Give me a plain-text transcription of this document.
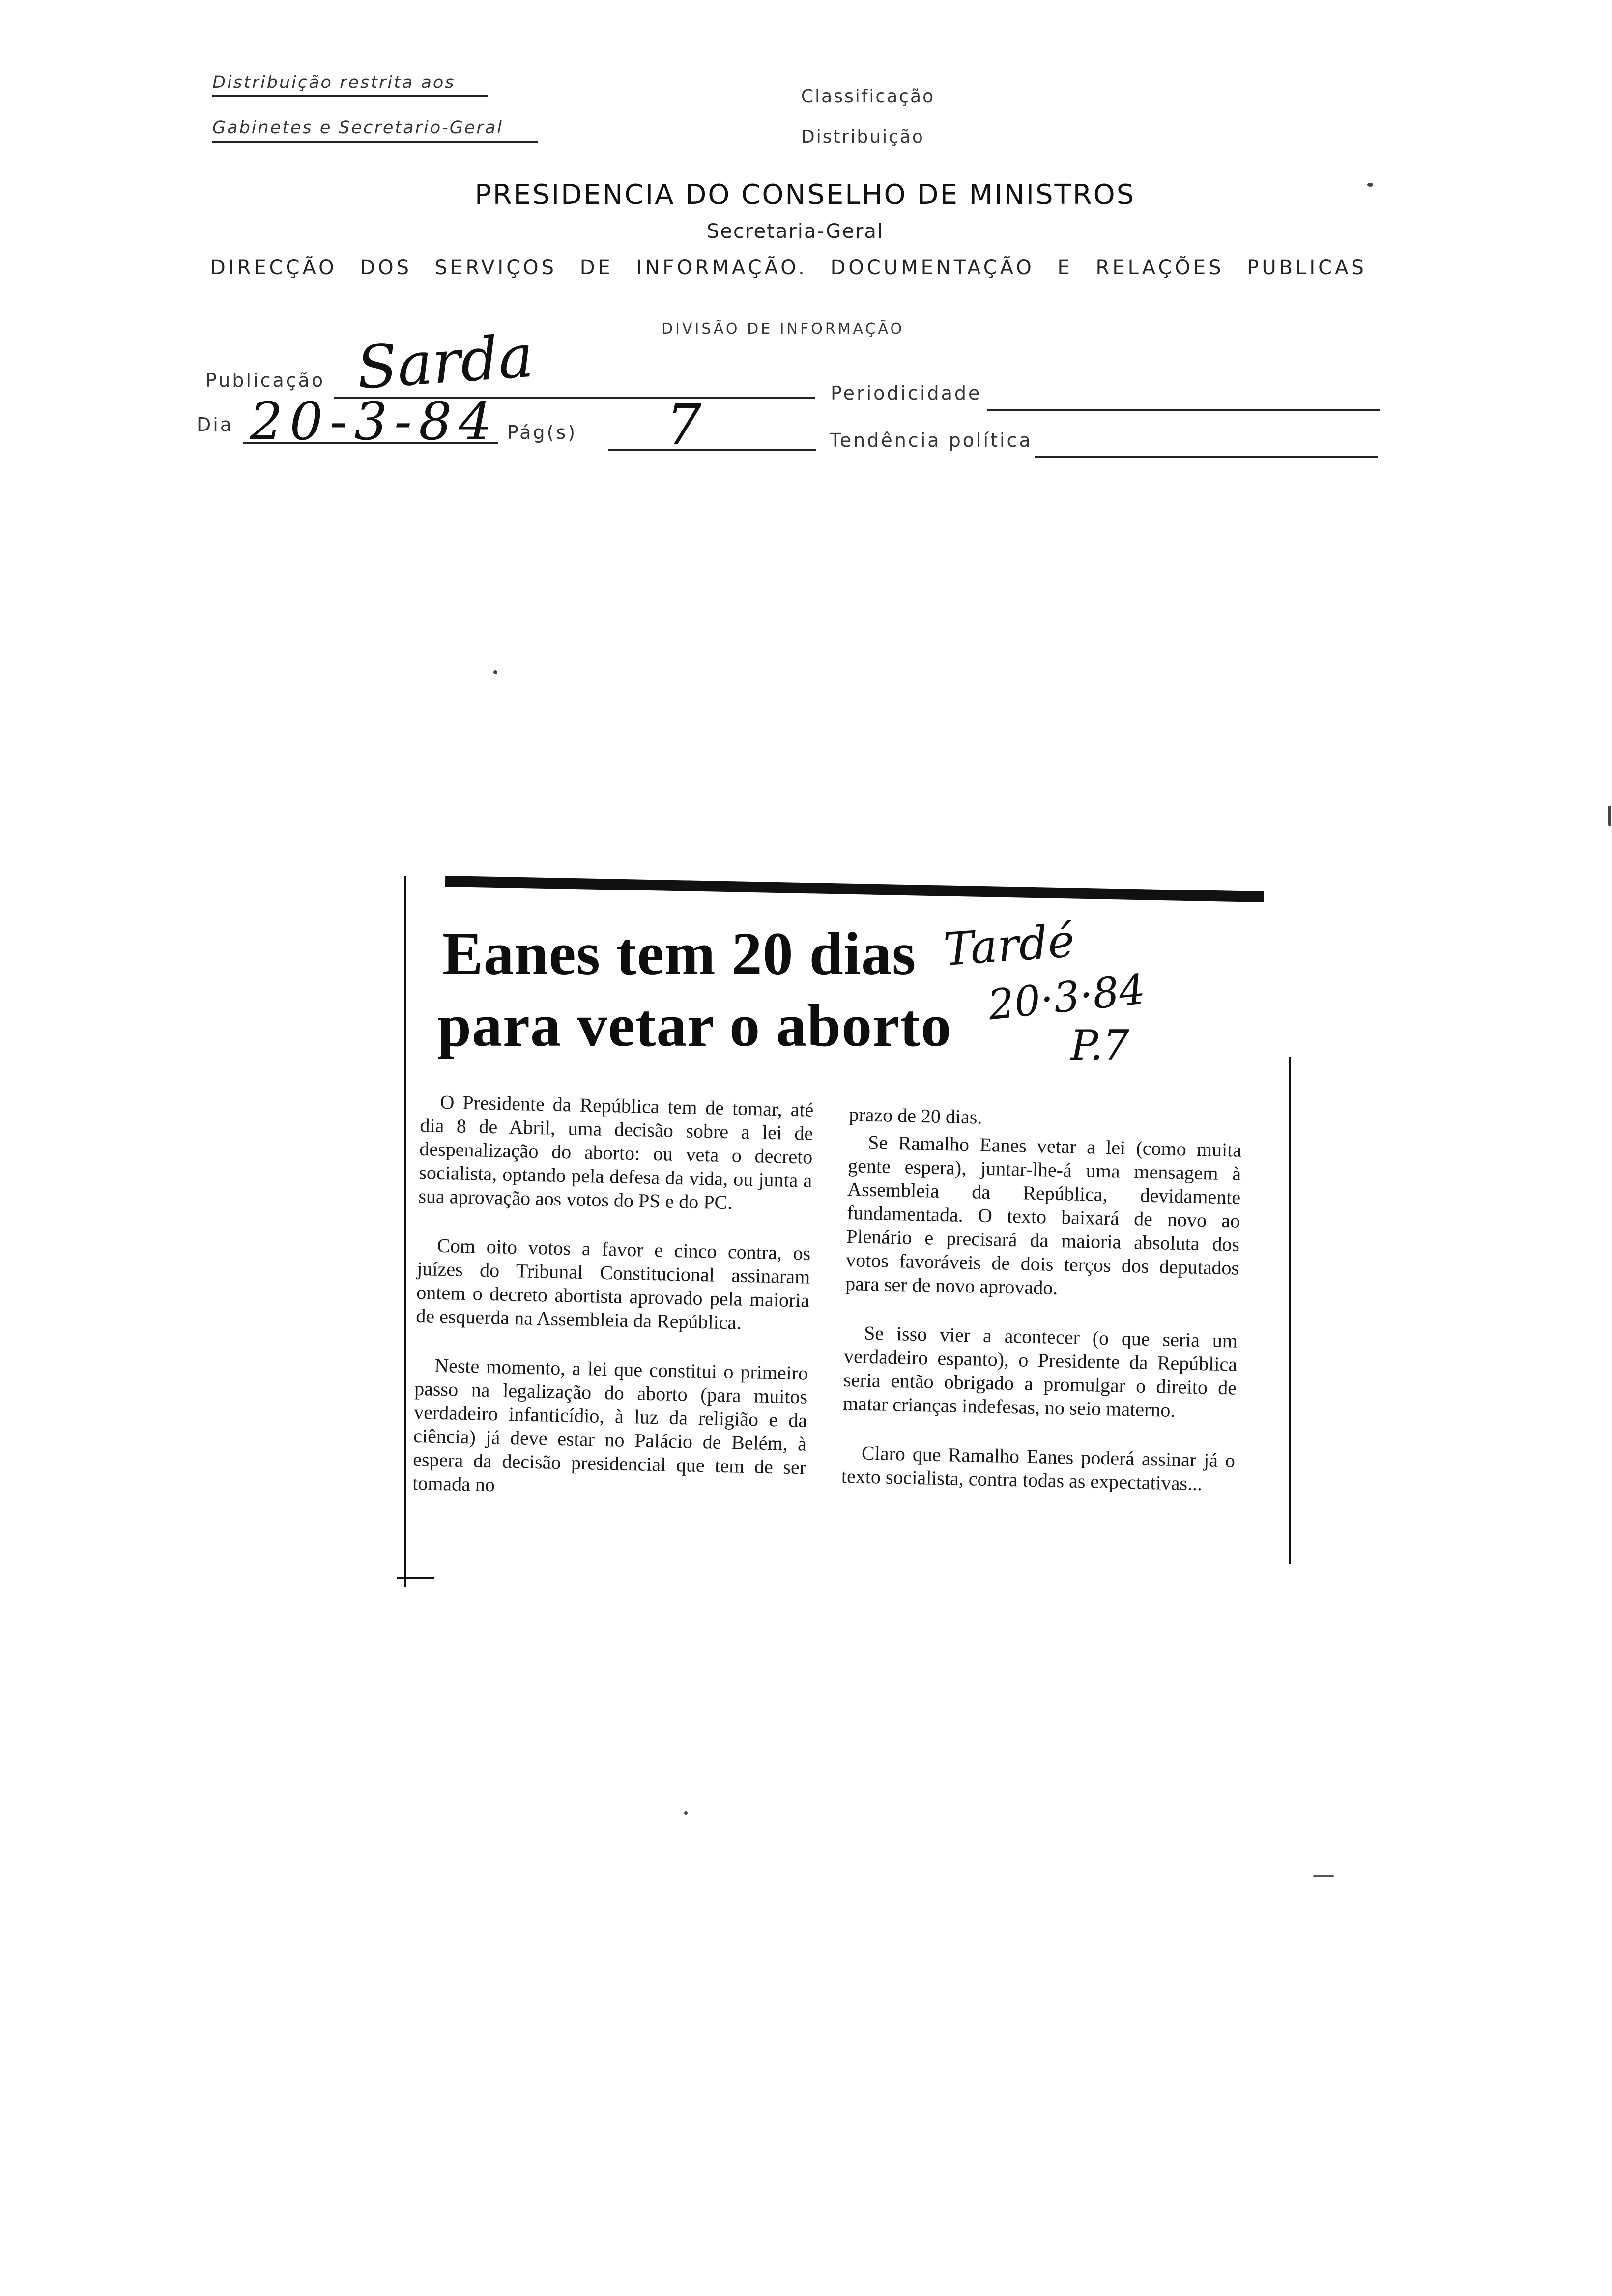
Distribuição restrita aos
Gabinetes e Secretario-Geral
Classificação
Distribuição
PRESIDENCIA DO CONSELHO DE MINISTROS
Secretaria-Geral
DIRECÇÃO DOS SERVIÇOS DE INFORMAÇÃO. DOCUMENTAÇÃO E RELAÇÕES PUBLICAS
DIVISÃO DE INFORMAÇÃO
Publicação Sarda	Periodicidade
Dia 20-3-84 Pág(s) 7	Tendência política
Eanes tem 20 dias
para vetar o aborto
Tardé
20·3·84
P.7

O Presidente da República tem de tomar, até dia 8 de Abril, uma decisão sobre a lei de despenalização do aborto: ou veta o decreto socialista, optando pela defesa da vida, ou junta a sua aprovação aos votos do PS e do PC.

Com oito votos a favor e cinco contra, os juízes do Tribunal Constitucional assinaram ontem o decreto abortista aprovado pela maioria de esquerda na Assembleia da República.

Neste momento, a lei que constitui o primeiro passo na legalização do aborto (para muitos verdadeiro infanticídio, à luz da religião e da ciência) já deve estar no Palácio de Belém, à espera da decisão presidencial que tem de ser tomada no

prazo de 20 dias.

Se Ramalho Eanes vetar a lei (como muita gente espera), juntar-lhe-á uma mensagem à Assembleia da República, devidamente fundamentada. O texto baixará de novo ao Plenário e precisará da maioria absoluta dos votos favoráveis de dois terços dos deputados para ser de novo aprovado.

Se isso vier a acontecer (o que seria um verdadeiro espanto), o Presidente da República seria então obrigado a promulgar o direito de matar crianças indefesas, no seio materno.

Claro que Ramalho Eanes poderá assinar já o texto socialista, contra todas as expectativas...
